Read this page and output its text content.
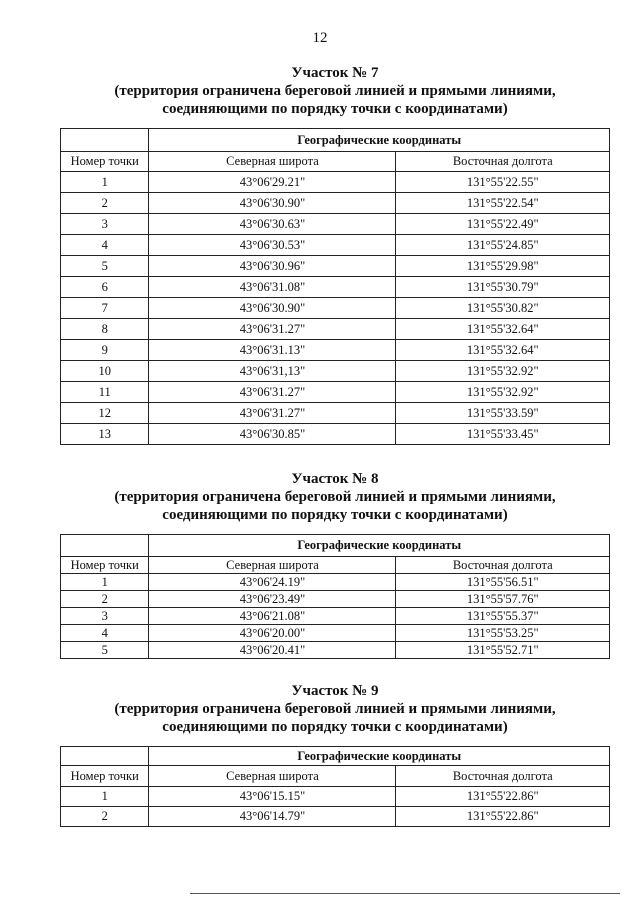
12
Участок № 7
(территория ограничена береговой линией и прямыми линиями,
соединяющими по порядку точки с координатами)
	Географические координаты	
Номер точки	Северная широта	Восточная долгота
1	43°06'29.21"	131°55'22.55"
2	43°06'30.90"	131°55'22.54"
3	43°06'30.63"	131°55'22.49"
4	43°06'30.53"	131°55'24.85"
5	43°06'30.96"	131°55'29.98"
6	43°06'31.08"	131°55'30.79"
7	43°06'30.90"	131°55'30.82"
8	43°06'31.27"	131°55'32.64"
9	43°06'31.13"	131°55'32.64"
10	43°06'31,13"	131°55'32.92"
11	43°06'31.27"	131°55'32.92"
12	43°06'31.27"	131°55'33.59"
13	43°06'30.85"	131°55'33.45"
Участок № 8
(территория ограничена береговой линией и прямыми линиями,
соединяющими по порядку точки с координатами)
	Географические координаты	
Номер точки	Северная широта	Восточная долгота
1	43°06'24.19"	131°55'56.51"
2	43°06'23.49"	131°55'57.76"
3	43°06'21.08"	131°55'55.37"
4	43°06'20.00"	131°55'53.25"
5	43°06'20.41"	131°55'52.71"
Участок № 9
(территория ограничена береговой линией и прямыми линиями,
соединяющими по порядку точки с координатами)
	Географические координаты	
Номер точки	Северная широта	Восточная долгота
1	43°06'15.15"	131°55'22.86"
2	43°06'14.79"	131°55'22.86"
